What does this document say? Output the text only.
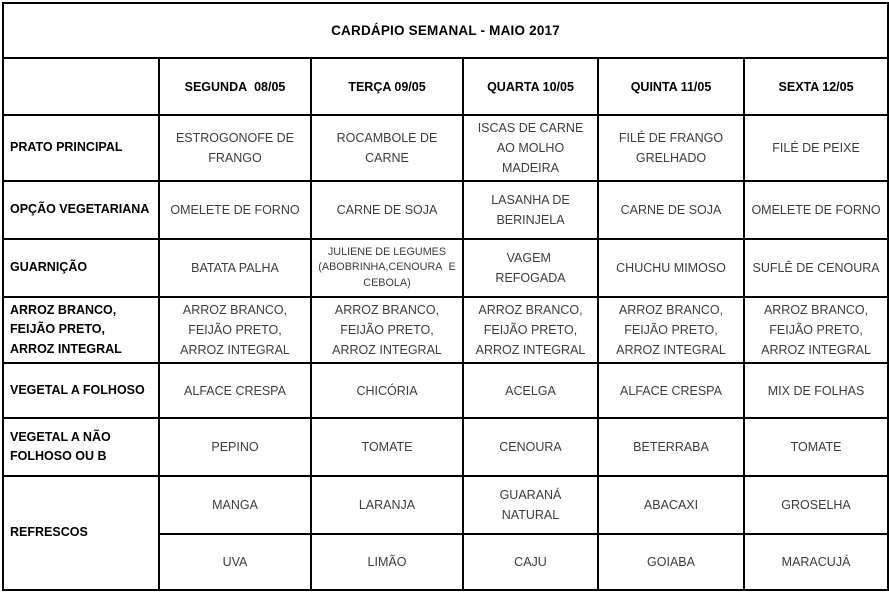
CARDÁPIO SEMANAL - MAIO 2017					
	SEGUNDA  08/05	TERÇA 09/05	QUARTA 10/05	QUINTA 11/05	SEXTA 12/05
PRATO PRINCIPAL	ESTROGONOFE DE FRANGO	ROCAMBOLE DE CARNE	ISCAS DE CARNE AO MOLHO MADEIRA	FILÉ DE FRANGO GRELHADO	FILÉ DE PEIXE
OPÇÃO VEGETARIANA	OMELETE DE FORNO	CARNE DE SOJA	LASANHA DE BERINJELA	CARNE DE SOJA	OMELETE DE FORNO
GUARNIÇÃO	BATATA PALHA	JULIENE DE LEGUMES (ABOBRINHA,CENOURA  E CEBOLA)	VAGEM  REFOGADA	CHUCHU MIMOSO	SUFLÊ DE CENOURA
ARROZ BRANCO, FEIJÃO PRETO, ARROZ INTEGRAL	ARROZ BRANCO, FEIJÃO PRETO, ARROZ INTEGRAL	ARROZ BRANCO, FEIJÃO PRETO, ARROZ INTEGRAL	ARROZ BRANCO, FEIJÃO PRETO, ARROZ INTEGRAL	ARROZ BRANCO, FEIJÃO PRETO, ARROZ INTEGRAL	ARROZ BRANCO, FEIJÃO PRETO, ARROZ INTEGRAL
VEGETAL A FOLHOSO	ALFACE CRESPA	CHICÓRIA	ACELGA	ALFACE CRESPA	MIX DE FOLHAS
VEGETAL A NÃO FOLHOSO OU B	PEPINO	TOMATE	CENOURA	BETERRABA	TOMATE
REFRESCOS	MANGA	LARANJA	GUARANÁ NATURAL	ABACAXI	GROSELHA
	UVA	LIMÃO	CAJU	GOIABA	MARACUJÁ
